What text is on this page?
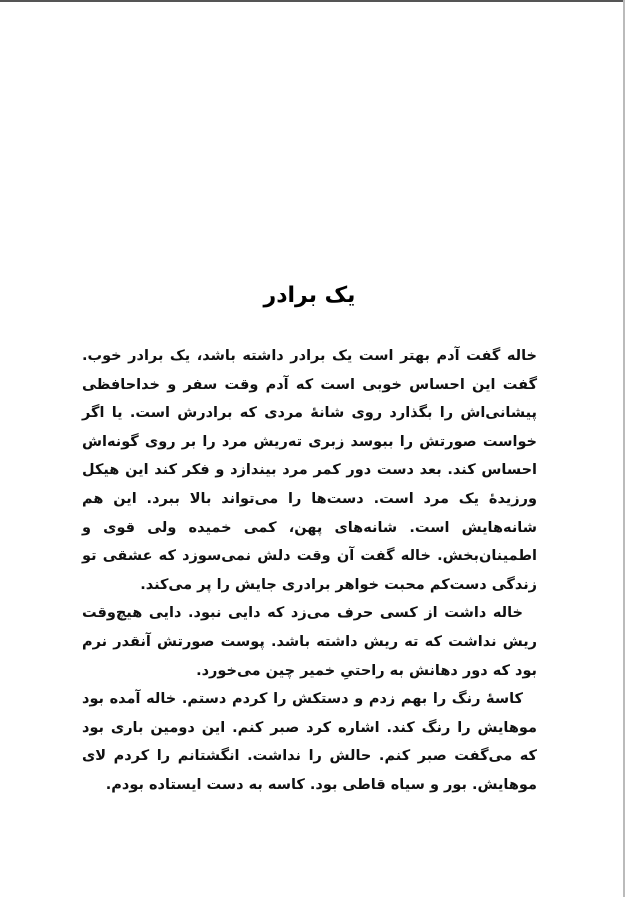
یک برادر

خاله گفت آدم بهتر است یک برادر داشته باشد، یک برادر خوب. گفت این احساس خوبی است که آدم وقت سفر و خداحافظی پیشانی‌اش را بگذارد روی شانهٔ مردی که برادرش است. یا اگر خواست صورتش را ببوسد زبری ته‌ریش مرد را بر روی گونه‌اش احساس کند. بعد دست دور کمر مرد بیندازد و فکر کند این هیکل ورزیدهٔ یک مرد است. دست‌ها را می‌تواند بالا ببرد. این هم شانه‌هایش است. شانه‌های پهن، کمی خمیده ولی قوی و اطمینان‌بخش. خاله گفت آن وقت دلش نمی‌سوزد که عشقی تو زندگی دست‌کم محبت خواهر برادری جایش را پر می‌کند.

خاله داشت از کسی حرف می‌زد که دایی نبود. دایی هیچ‌وقت ریش نداشت که ته ریش داشته باشد. پوست صورتش آنقدر نرم بود که دور دهانش به راحتیِ خمیر چین می‌خورد.

کاسهٔ رنگ را بهم زدم و دستکش را کردم دستم. خاله آمده بود موهایش را رنگ کند. اشاره کرد صبر کنم. این دومین باری بود که می‌گفت صبر کنم. حالش را نداشت. انگشتانم را کردم لای موهایش. بور و سیاه قاطی بود. کاسه به دست ایستاده بودم.
